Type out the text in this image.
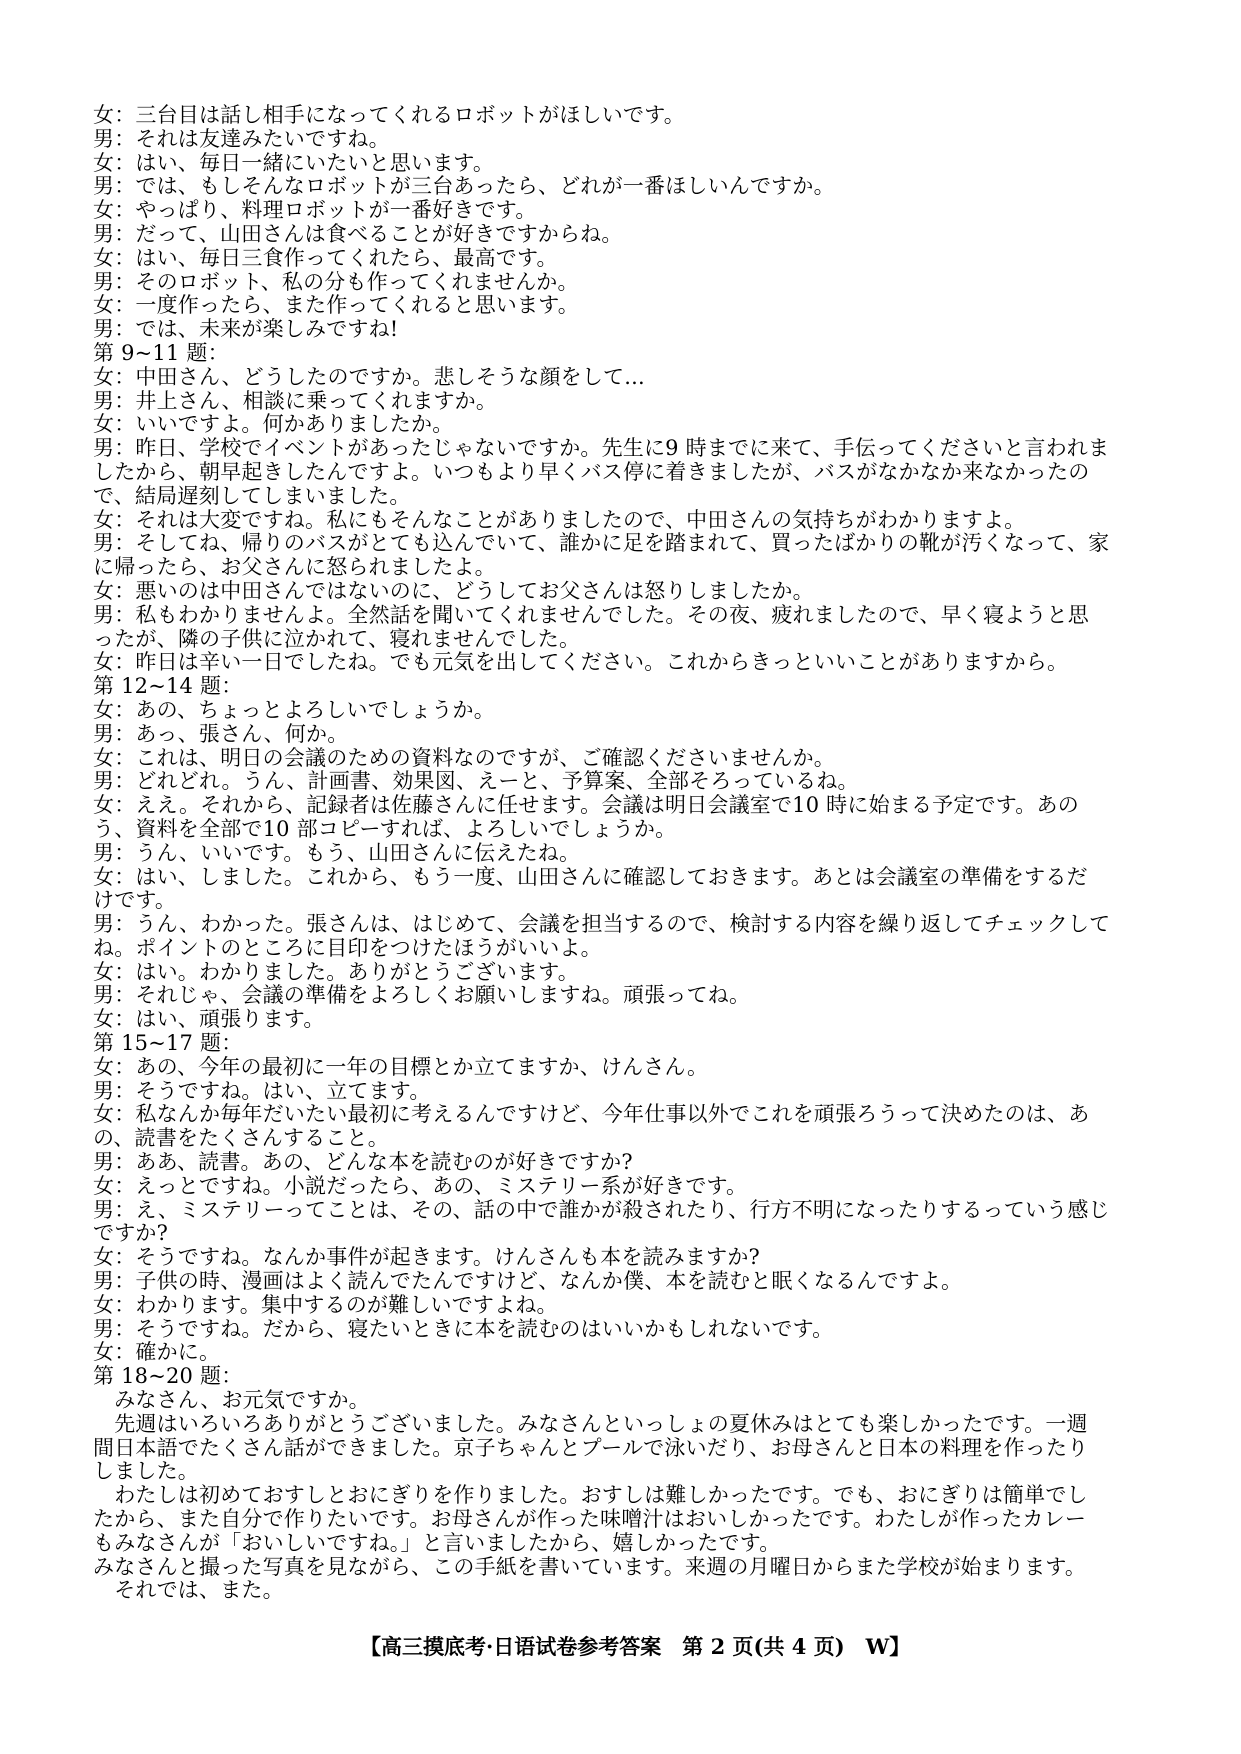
女：三台目は話し相手になってくれるロボットがほしいです。
男：それは友達みたいですね。
女：はい、毎日一緒にいたいと思います。
男：では、もしそんなロボットが三台あったら、どれが一番ほしいんですか。
女：やっぱり、料理ロボットが一番好きです。
男：だって、山田さんは食べることが好きですからね。
女：はい、毎日三食作ってくれたら、最高です。
男：そのロボット、私の分も作ってくれませんか。
女：一度作ったら、また作ってくれると思います。
男：では、未来が楽しみですね!
第 9~11 题：
女：中田さん、どうしたのですか。悲しそうな顔をして...
男：井上さん、相談に乗ってくれますか。
女：いいですよ。何かありましたか。
男：昨日、学校でイベントがあったじゃないですか。先生に9 時までに来て、手伝ってくださいと言われま
したから、朝早起きしたんですよ。いつもより早くバス停に着きましたが、バスがなかなか来なかったの
で、結局遅刻してしまいました。
女：それは大変ですね。私にもそんなことがありましたので、中田さんの気持ちがわかりますよ。
男：そしてね、帰りのバスがとても込んでいて、誰かに足を踏まれて、買ったばかりの靴が汚くなって、家
に帰ったら、お父さんに怒られましたよ。
女：悪いのは中田さんではないのに、どうしてお父さんは怒りしましたか。
男：私もわかりませんよ。全然話を聞いてくれませんでした。その夜、疲れましたので、早く寝ようと思
ったが、隣の子供に泣かれて、寝れませんでした。
女：昨日は辛い一日でしたね。でも元気を出してください。これからきっといいことがありますから。
第 12~14 题：
女：あの、ちょっとよろしいでしょうか。
男：あっ、張さん、何か。
女：これは、明日の会議のための資料なのですが、ご確認くださいませんか。
男：どれどれ。うん、計画書、効果図、えーと、予算案、全部そろっているね。
女：ええ。それから、記録者は佐藤さんに任せます。会議は明日会議室で10 時に始まる予定です。あの
う、資料を全部で10 部コピーすれば、よろしいでしょうか。
男：うん、いいです。もう、山田さんに伝えたね。
女：はい、しました。これから、もう一度、山田さんに確認しておきます。あとは会議室の準備をするだ
けです。
男：うん、わかった。張さんは、はじめて、会議を担当するので、検討する内容を繰り返してチェックして
ね。ポイントのところに目印をつけたほうがいいよ。
女：はい。わかりました。ありがとうございます。
男：それじゃ、会議の準備をよろしくお願いしますね。頑張ってね。
女：はい、頑張ります。
第 15~17 题：
女：あの、今年の最初に一年の目標とか立てますか、けんさん。
男：そうですね。はい、立てます。
女：私なんか毎年だいたい最初に考えるんですけど、今年仕事以外でこれを頑張ろうって決めたのは、あ
の、読書をたくさんすること。
男：ああ、読書。あの、どんな本を読むのが好きですか?
女：えっとですね。小説だったら、あの、ミステリー系が好きです。
男：え、ミステリーってことは、その、話の中で誰かが殺されたり、行方不明になったりするっていう感じ
ですか?
女：そうですね。なんか事件が起きます。けんさんも本を読みますか?
男：子供の時、漫画はよく読んでたんですけど、なんか僕、本を読むと眠くなるんですよ。
女：わかります。集中するのが難しいですよね。
男：そうですね。だから、寝たいときに本を読むのはいいかもしれないです。
女：確かに。
第 18~20 题：
　みなさん、お元気ですか。
　先週はいろいろありがとうございました。みなさんといっしょの夏休みはとても楽しかったです。一週
間日本語でたくさん話ができました。京子ちゃんとプールで泳いだり、お母さんと日本の料理を作ったり
しました。
　わたしは初めておすしとおにぎりを作りました。おすしは難しかったです。でも、おにぎりは簡単でし
たから、また自分で作りたいです。お母さんが作った味噌汁はおいしかったです。わたしが作ったカレー
もみなさんが「おいしいですね。」と言いましたから、嬉しかったです。
みなさんと撮った写真を見ながら、この手紙を書いています。来週の月曜日からまた学校が始まります。
　それでは、また。

【高三摸底考·日语试卷参考答案　第 2 页(共 4 页)　W】
